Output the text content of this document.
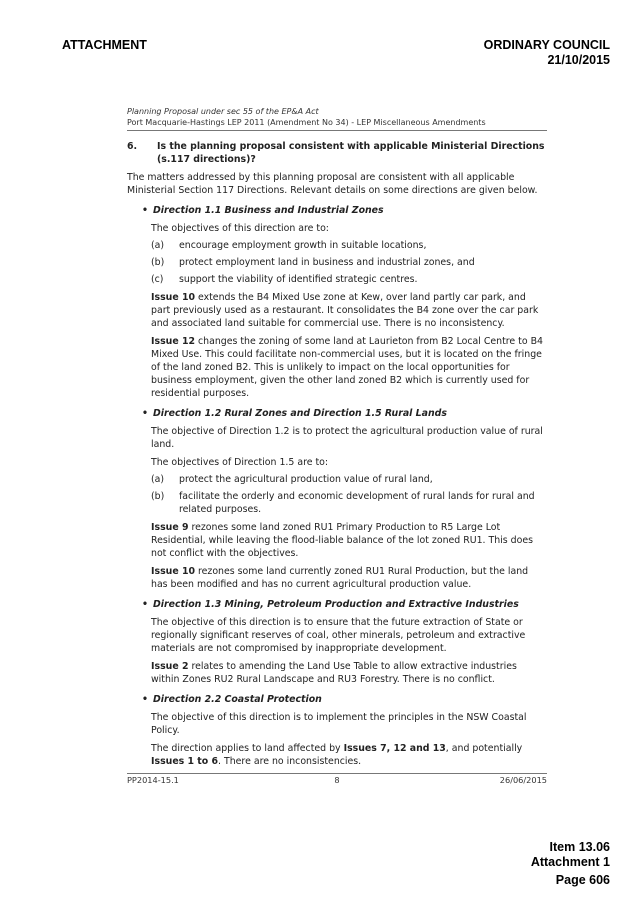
ATTACHMENT	ORDINARY COUNCIL
21/10/2015

Planning Proposal under sec 55 of the EP&A Act

Port Macquarie-Hastings LEP 2011 (Amendment No 34) - LEP Miscellaneous Amendments

6. Is the planning proposal consistent with applicable Ministerial Directions (s.117 directions)?

The matters addressed by this planning proposal are consistent with all applicable Ministerial Section 117 Directions. Relevant details on some directions are given below.

• Direction 1.1 Business and Industrial Zones

The objectives of this direction are to:

(a) encourage employment growth in suitable locations,
(b) protect employment land in business and industrial zones, and
(c) support the viability of identified strategic centres.

Issue 10 extends the B4 Mixed Use zone at Kew, over land partly car park, and part previously used as a restaurant. It consolidates the B4 zone over the car park and associated land suitable for commercial use. There is no inconsistency.

Issue 12 changes the zoning of some land at Laurieton from B2 Local Centre to B4 Mixed Use. This could facilitate non-commercial uses, but it is located on the fringe of the land zoned B2. This is unlikely to impact on the local opportunities for business employment, given the other land zoned B2 which is currently used for residential purposes.

• Direction 1.2 Rural Zones and Direction 1.5 Rural Lands

The objective of Direction 1.2 is to protect the agricultural production value of rural land.

The objectives of Direction 1.5 are to:

(a) protect the agricultural production value of rural land,
(b) facilitate the orderly and economic development of rural lands for rural and related purposes.

Issue 9 rezones some land zoned RU1 Primary Production to R5 Large Lot Residential, while leaving the flood-liable balance of the lot zoned RU1. This does not conflict with the objectives.

Issue 10 rezones some land currently zoned RU1 Rural Production, but the land has been modified and has no current agricultural production value.

• Direction 1.3 Mining, Petroleum Production and Extractive Industries

The objective of this direction is to ensure that the future extraction of State or regionally significant reserves of coal, other minerals, petroleum and extractive materials are not compromised by inappropriate development.

Issue 2 relates to amending the Land Use Table to allow extractive industries within Zones RU2 Rural Landscape and RU3 Forestry. There is no conflict.

• Direction 2.2 Coastal Protection

The objective of this direction is to implement the principles in the NSW Coastal Policy.

The direction applies to land affected by Issues 7, 12 and 13, and potentially Issues 1 to 6. There are no inconsistencies.

PP2014-15.1	8	26/06/2015
Item 13.06
Attachment 1
Page 606
